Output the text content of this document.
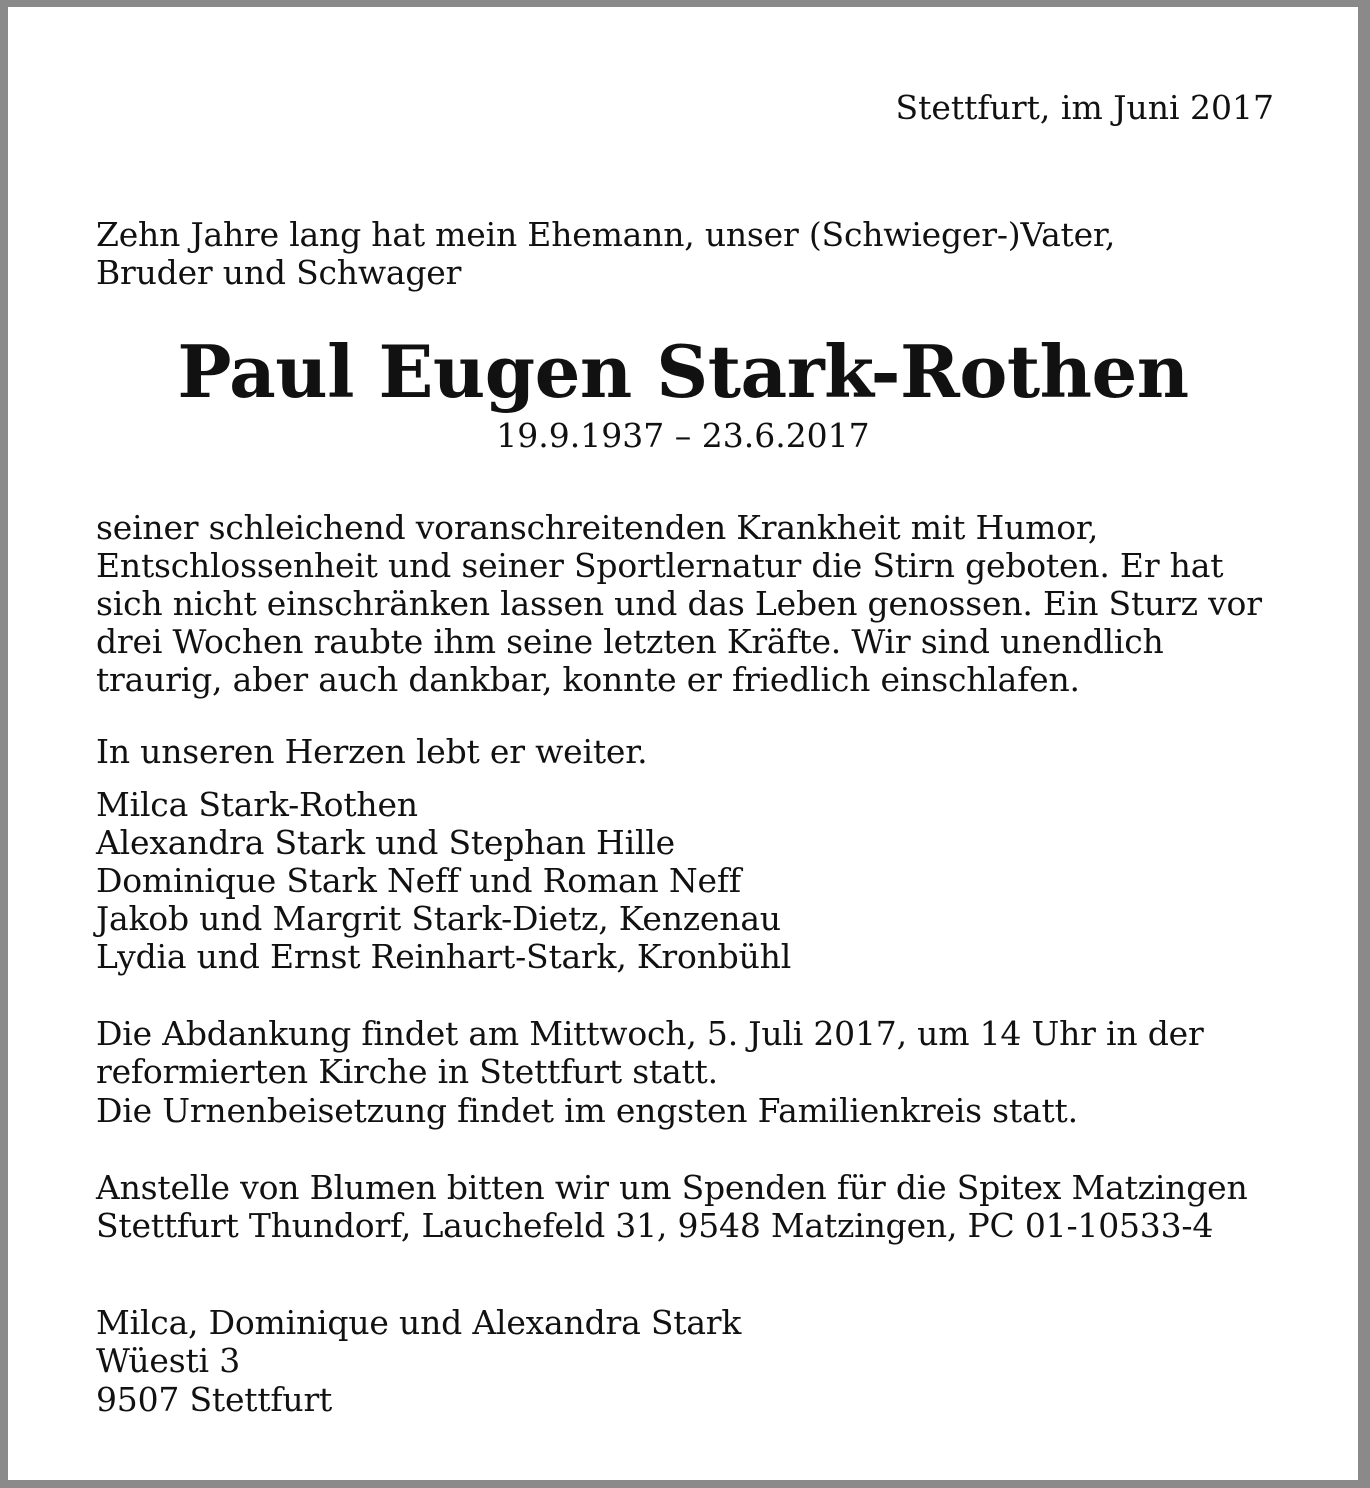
Stettfurt, im Juni 2017
Zehn Jahre lang hat mein Ehemann, unser (Schwieger-)Vater,
Bruder und Schwager
Paul Eugen Stark-Rothen
19.9.1937 – 23.6.2017
seiner schleichend voranschreitenden Krankheit mit Humor,
Entschlossenheit und seiner Sportlernatur die Stirn geboten. Er hat
sich nicht einschränken lassen und das Leben genossen. Ein Sturz vor
drei Wochen raubte ihm seine letzten Kräfte. Wir sind unendlich
traurig, aber auch dankbar, konnte er friedlich einschlafen.
In unseren Herzen lebt er weiter.
Milca Stark-Rothen
Alexandra Stark und Stephan Hille
Dominique Stark Neff und Roman Neff
Jakob und Margrit Stark-Dietz, Kenzenau
Lydia und Ernst Reinhart-Stark, Kronbühl
Die Abdankung findet am Mittwoch, 5. Juli 2017, um 14 Uhr in der
reformierten Kirche in Stettfurt statt.
Die Urnenbeisetzung findet im engsten Familienkreis statt.
Anstelle von Blumen bitten wir um Spenden für die Spitex Matzingen
Stettfurt Thundorf, Lauchefeld 31, 9548 Matzingen, PC 01-10533-4
Milca, Dominique und Alexandra Stark
Wüesti 3
9507 Stettfurt
